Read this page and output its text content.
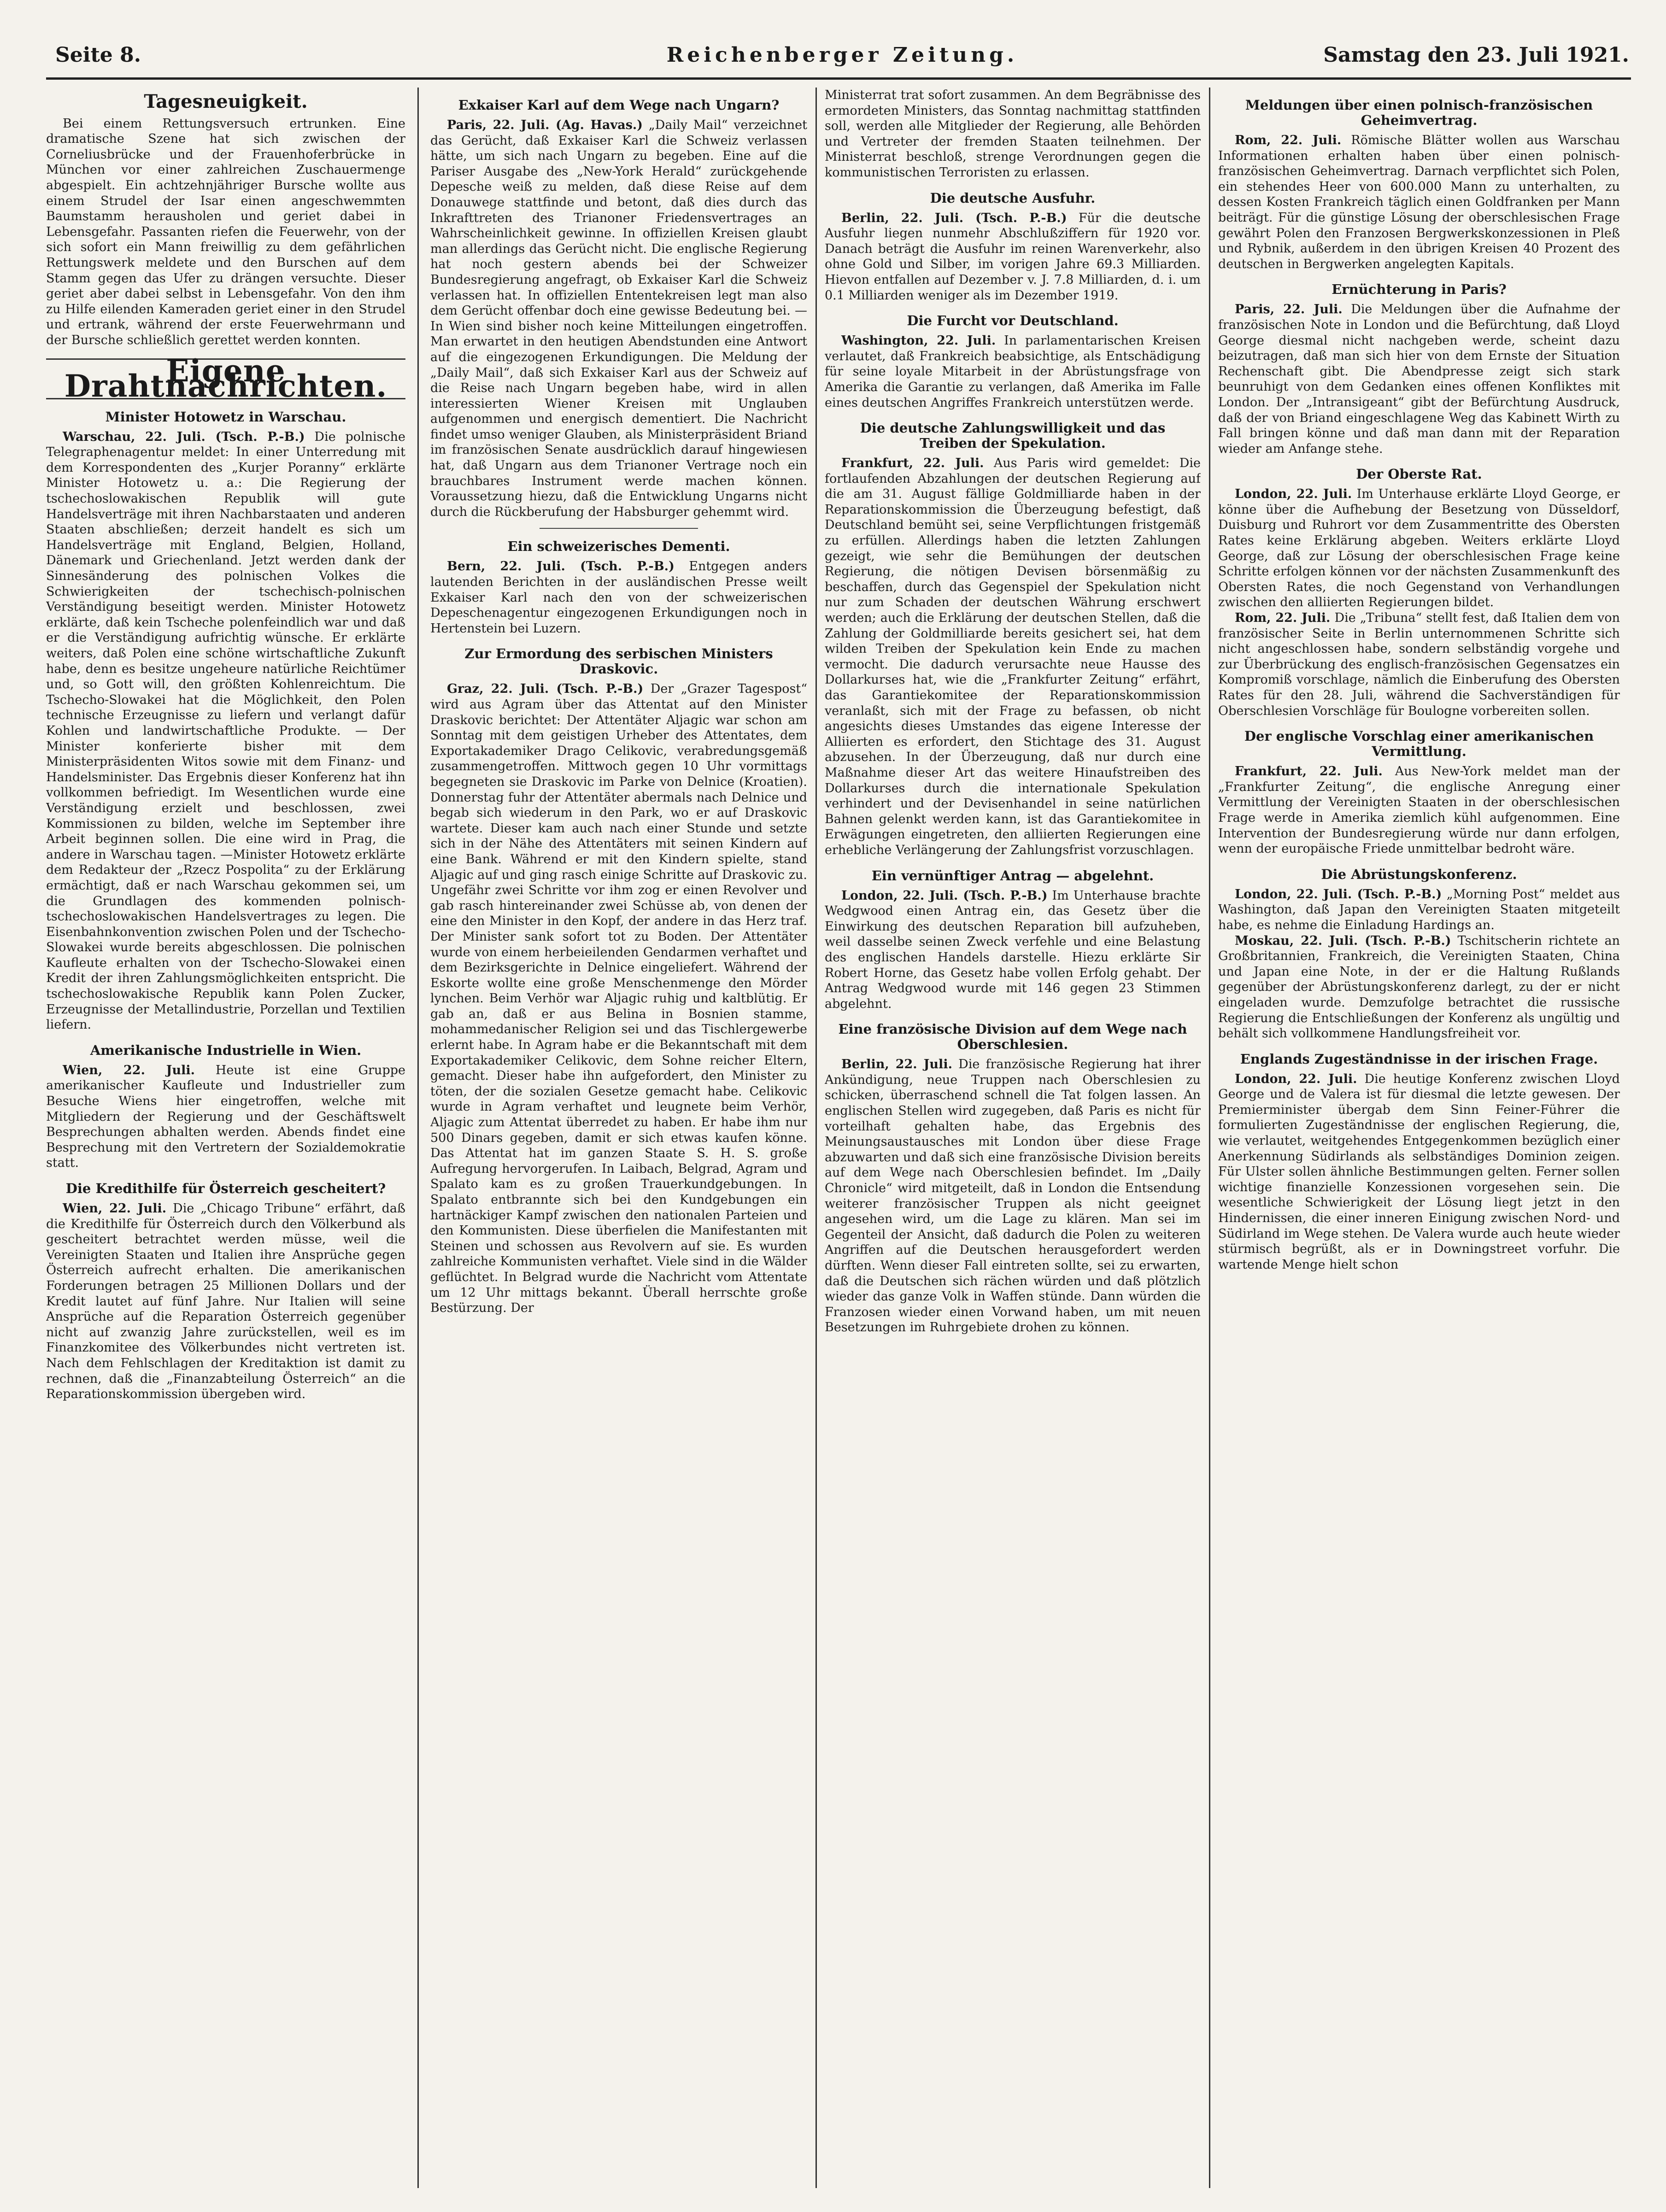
Seite 8.	Reichenberger Zeitung.	Samstag den 23. Juli 1921.
Tagesneuigkeit.

Bei einem Rettungsversuch ertrunken. Eine dramatische Szene hat sich zwischen der Corneliusbrücke und der Frauenhoferbrücke in München vor einer zahlreichen Zuschauermenge abgespielt. Ein achtzehnjähriger Bursche wollte aus einem Strudel der Isar einen angeschwemmten Baumstamm herausholen und geriet dabei in Lebensgefahr. Passanten riefen die Feuerwehr, von der sich sofort ein Mann freiwillig zu dem gefährlichen Rettungswerk meldete und den Burschen auf dem Stamm gegen das Ufer zu drängen versuchte. Dieser geriet aber dabei selbst in Lebensgefahr. Von den ihm zu Hilfe eilenden Kameraden geriet einer in den Strudel und ertrank, während der erste Feuerwehrmann und der Bursche schließlich gerettet werden konnten.

Eigene Drahtnachrichten.
Minister Hotowetz in Warschau.

Warschau, 22. Juli. (Tsch. P.-B.) Die polnische Telegraphenagentur meldet: In einer Unterredung mit dem Korrespondenten des „Kurjer Poranny“ erklärte Minister Hotowetz u. a.: Die Regierung der tschechoslowakischen Republik will gute Handelsverträge mit ihren Nachbarstaaten und anderen Staaten abschließen; derzeit handelt es sich um Handelsverträge mit England, Belgien, Holland, Dänemark und Griechenland. Jetzt werden dank der Sinnesänderung des polnischen Volkes die Schwierigkeiten der tschechisch-polnischen Verständigung beseitigt werden. Minister Hotowetz erklärte, daß kein Tscheche polenfeindlich war und daß er die Verständigung aufrichtig wünsche. Er erklärte weiters, daß Polen eine schöne wirtschaftliche Zukunft habe, denn es besitze ungeheure natürliche Reichtümer und, so Gott will, den größten Kohlenreichtum. Die Tschecho-Slowakei hat die Möglichkeit, den Polen technische Erzeugnisse zu liefern und verlangt dafür Kohlen und landwirtschaftliche Produkte. — Der Minister konferierte bisher mit dem Ministerpräsidenten Witos sowie mit dem Finanz- und Handelsminister. Das Ergebnis dieser Konferenz hat ihn vollkommen befriedigt. Im Wesentlichen wurde eine Verständigung erzielt und beschlossen, zwei Kommissionen zu bilden, welche im September ihre Arbeit beginnen sollen. Die eine wird in Prag, die andere in Warschau tagen. —Minister Hotowetz erklärte dem Redakteur der „Rzecz Pospolita“ zu der Erklärung ermächtigt, daß er nach Warschau gekommen sei, um die Grundlagen des kommenden polnisch-tschechoslowakischen Handelsvertrages zu legen. Die Eisenbahnkonvention zwischen Polen und der Tschecho-Slowakei wurde bereits abgeschlossen. Die polnischen Kaufleute erhalten von der Tschecho-Slowakei einen Kredit der ihren Zahlungsmöglichkeiten entspricht. Die tschechoslowakische Republik kann Polen Zucker, Erzeugnisse der Metallindustrie, Porzellan und Textilien liefern.

Amerikanische Industrielle in Wien.

Wien, 22. Juli. Heute ist eine Gruppe amerikanischer Kaufleute und Industrieller zum Besuche Wiens hier eingetroffen, welche mit Mitgliedern der Regierung und der Geschäftswelt Besprechungen abhalten werden. Abends findet eine Besprechung mit den Vertretern der Sozialdemokratie statt.

Die Kredithilfe für Österreich gescheitert?

Wien, 22. Juli. Die „Chicago Tribune“ erfährt, daß die Kredithilfe für Österreich durch den Völkerbund als gescheitert betrachtet werden müsse, weil die Vereinigten Staaten und Italien ihre Ansprüche gegen Österreich aufrecht erhalten. Die amerikanischen Forderungen betragen 25 Millionen Dollars und der Kredit lautet auf fünf Jahre. Nur Italien will seine Ansprüche auf die Reparation Österreich gegenüber nicht auf zwanzig Jahre zurückstellen, weil es im Finanzkomitee des Völkerbundes nicht vertreten ist. Nach dem Fehlschlagen der Kreditaktion ist damit zu rechnen, daß die „Finanzabteilung Österreich“ an die Reparationskommission übergeben wird.

Exkaiser Karl auf dem Wege nach Ungarn?

Paris, 22. Juli. (Ag. Havas.) „Daily Mail“ verzeichnet das Gerücht, daß Exkaiser Karl die Schweiz verlassen hätte, um sich nach Ungarn zu begeben. Eine auf die Pariser Ausgabe des „New-York Herald“ zurückgehende Depesche weiß zu melden, daß diese Reise auf dem Donauwege stattfinde und betont, daß dies durch das Inkrafttreten des Trianoner Friedensvertrages an Wahrscheinlichkeit gewinne. In offiziellen Kreisen glaubt man allerdings das Gerücht nicht. Die englische Regierung hat noch gestern abends bei der Schweizer Bundesregierung angefragt, ob Exkaiser Karl die Schweiz verlassen hat. In offiziellen Ententekreisen legt man also dem Gerücht offenbar doch eine gewisse Bedeutung bei. — In Wien sind bisher noch keine Mitteilungen eingetroffen. Man erwartet in den heutigen Abendstunden eine Antwort auf die eingezogenen Erkundigungen. Die Meldung der „Daily Mail“, daß sich Exkaiser Karl aus der Schweiz auf die Reise nach Ungarn begeben habe, wird in allen interessierten Wiener Kreisen mit Unglauben aufgenommen und energisch dementiert. Die Nachricht findet umso weniger Glauben, als Ministerpräsident Briand im französischen Senate ausdrücklich darauf hingewiesen hat, daß Ungarn aus dem Trianoner Vertrage noch ein brauchbares Instrument werde machen können. Voraussetzung hiezu, daß die Entwicklung Ungarns nicht durch die Rückberufung der Habsburger gehemmt wird.

Ein schweizerisches Dementi.

Bern, 22. Juli. (Tsch. P.-B.) Entgegen anders lautenden Berichten in der ausländischen Presse weilt Exkaiser Karl nach den von der schweizerischen Depeschenagentur eingezogenen Erkundigungen noch in Hertenstein bei Luzern.

Zur Ermordung des serbischen Ministers Draskovic.

Graz, 22. Juli. (Tsch. P.-B.) Der „Grazer Tagespost“ wird aus Agram über das Attentat auf den Minister Draskovic berichtet: Der Attentäter Aljagic war schon am Sonntag mit dem geistigen Urheber des Attentates, dem Exportakademiker Drago Celikovic, verabredungsgemäß zusammengetroffen. Mittwoch gegen 10 Uhr vormittags begegneten sie Draskovic im Parke von Delnice (Kroatien). Donnerstag fuhr der Attentäter abermals nach Delnice und begab sich wiederum in den Park, wo er auf Draskovic wartete. Dieser kam auch nach einer Stunde und setzte sich in der Nähe des Attentäters mit seinen Kindern auf eine Bank. Während er mit den Kindern spielte, stand Aljagic auf und ging rasch einige Schritte auf Draskovic zu. Ungefähr zwei Schritte vor ihm zog er einen Revolver und gab rasch hintereinander zwei Schüsse ab, von denen der eine den Minister in den Kopf, der andere in das Herz traf. Der Minister sank sofort tot zu Boden. Der Attentäter wurde von einem herbeieilenden Gendarmen verhaftet und dem Bezirksgerichte in Delnice eingeliefert. Während der Eskorte wollte eine große Menschenmenge den Mörder lynchen. Beim Verhör war Aljagic ruhig und kaltblütig. Er gab an, daß er aus Belina in Bosnien stamme, mohammedanischer Religion sei und das Tischlergewerbe erlernt habe. In Agram habe er die Bekanntschaft mit dem Exportakademiker Celikovic, dem Sohne reicher Eltern, gemacht. Dieser habe ihn aufgefordert, den Minister zu töten, der die sozialen Gesetze gemacht habe. Celikovic wurde in Agram verhaftet und leugnete beim Verhör, Aljagic zum Attentat überredet zu haben. Er habe ihm nur 500 Dinars gegeben, damit er sich etwas kaufen könne. Das Attentat hat im ganzen Staate S. H. S. große Aufregung hervorgerufen. In Laibach, Belgrad, Agram und Spalato kam es zu großen Trauerkundgebungen. In Spalato entbrannte sich bei den Kundgebungen ein hartnäckiger Kampf zwischen den nationalen Parteien und den Kommunisten. Diese überfielen die Manifestanten mit Steinen und schossen aus Revolvern auf sie. Es wurden zahlreiche Kommunisten verhaftet. Viele sind in die Wälder geflüchtet. In Belgrad wurde die Nachricht vom Attentate um 12 Uhr mittags bekannt. Überall herrschte große Bestürzung. Der

Ministerrat trat sofort zusammen. An dem Begräbnisse des ermordeten Ministers, das Sonntag nachmittag stattfinden soll, werden alle Mitglieder der Regierung, alle Behörden und Vertreter der fremden Staaten teilnehmen. Der Ministerrat beschloß, strenge Verordnungen gegen die kommunistischen Terroristen zu erlassen.

Die deutsche Ausfuhr.

Berlin, 22. Juli. (Tsch. P.-B.) Für die deutsche Ausfuhr liegen nunmehr Abschlußziffern für 1920 vor. Danach beträgt die Ausfuhr im reinen Warenverkehr, also ohne Gold und Silber, im vorigen Jahre 69.3 Milliarden. Hievon entfallen auf Dezember v. J. 7.8 Milliarden, d. i. um 0.1 Milliarden weniger als im Dezember 1919.

Die Furcht vor Deutschland.

Washington, 22. Juli. In parlamentarischen Kreisen verlautet, daß Frankreich beabsichtige, als Entschädigung für seine loyale Mitarbeit in der Abrüstungsfrage von Amerika die Garantie zu verlangen, daß Amerika im Falle eines deutschen Angriffes Frankreich unterstützen werde.

Die deutsche Zahlungswilligkeit und das Treiben der Spekulation.

Frankfurt, 22. Juli. Aus Paris wird gemeldet: Die fortlaufenden Abzahlungen der deutschen Regierung auf die am 31. August fällige Goldmilliarde haben in der Reparationskommission die Überzeugung befestigt, daß Deutschland bemüht sei, seine Verpflichtungen fristgemäß zu erfüllen. Allerdings haben die letzten Zahlungen gezeigt, wie sehr die Bemühungen der deutschen Regierung, die nötigen Devisen börsenmäßig zu beschaffen, durch das Gegenspiel der Spekulation nicht nur zum Schaden der deutschen Währung erschwert werden; auch die Erklärung der deutschen Stellen, daß die Zahlung der Goldmilliarde bereits gesichert sei, hat dem wilden Treiben der Spekulation kein Ende zu machen vermocht. Die dadurch verursachte neue Hausse des Dollarkurses hat, wie die „Frankfurter Zeitung“ erfährt, das Garantiekomitee der Reparationskommission veranlaßt, sich mit der Frage zu befassen, ob nicht angesichts dieses Umstandes das eigene Interesse der Alliierten es erfordert, den Stichtage des 31. August abzusehen. In der Überzeugung, daß nur durch eine Maßnahme dieser Art das weitere Hinaufstreiben des Dollarkurses durch die internationale Spekulation verhindert und der Devisenhandel in seine natürlichen Bahnen gelenkt werden kann, ist das Garantiekomitee in Erwägungen eingetreten, den alliierten Regierungen eine erhebliche Verlängerung der Zahlungsfrist vorzuschlagen.

Ein vernünftiger Antrag — abgelehnt.

London, 22. Juli. (Tsch. P.-B.) Im Unterhause brachte Wedgwood einen Antrag ein, das Gesetz über die Einwirkung des deutschen Reparation bill aufzuheben, weil dasselbe seinen Zweck verfehle und eine Belastung des englischen Handels darstelle. Hiezu erklärte Sir Robert Horne, das Gesetz habe vollen Erfolg gehabt. Der Antrag Wedgwood wurde mit 146 gegen 23 Stimmen abgelehnt.

Eine französische Division auf dem Wege nach Oberschlesien.

Berlin, 22. Juli. Die französische Regierung hat ihrer Ankündigung, neue Truppen nach Oberschlesien zu schicken, überraschend schnell die Tat folgen lassen. An englischen Stellen wird zugegeben, daß Paris es nicht für vorteilhaft gehalten habe, das Ergebnis des Meinungsaustausches mit London über diese Frage abzuwarten und daß sich eine französische Division bereits auf dem Wege nach Oberschlesien befindet. Im „Daily Chronicle“ wird mitgeteilt, daß in London die Entsendung weiterer französischer Truppen als nicht geeignet angesehen wird, um die Lage zu klären. Man sei im Gegenteil der Ansicht, daß dadurch die Polen zu weiteren Angriffen auf die Deutschen herausgefordert werden dürften. Wenn dieser Fall eintreten sollte, sei zu erwarten, daß die Deutschen sich rächen würden und daß plötzlich wieder das ganze Volk in Waffen stünde. Dann würden die Franzosen wieder einen Vorwand haben, um mit neuen Besetzungen im Ruhrgebiete drohen zu können.

Meldungen über einen polnisch-französischen Geheimvertrag.

Rom, 22. Juli. Römische Blätter wollen aus Warschau Informationen erhalten haben über einen polnisch-französischen Geheimvertrag. Darnach verpflichtet sich Polen, ein stehendes Heer von 600.000 Mann zu unterhalten, zu dessen Kosten Frankreich täglich einen Goldfranken per Mann beiträgt. Für die günstige Lösung der oberschlesischen Frage gewährt Polen den Franzosen Bergwerkskonzessionen in Pleß und Rybnik, außerdem in den übrigen Kreisen 40 Prozent des deutschen in Bergwerken angelegten Kapitals.

Ernüchterung in Paris?

Paris, 22. Juli. Die Meldungen über die Aufnahme der französischen Note in London und die Befürchtung, daß Lloyd George diesmal nicht nachgeben werde, scheint dazu beizutragen, daß man sich hier von dem Ernste der Situation Rechenschaft gibt. Die Abendpresse zeigt sich stark beunruhigt von dem Gedanken eines offenen Konfliktes mit London. Der „Intransigeant“ gibt der Befürchtung Ausdruck, daß der von Briand eingeschlagene Weg das Kabinett Wirth zu Fall bringen könne und daß man dann mit der Reparation wieder am Anfange stehe.

Der Oberste Rat.

London, 22. Juli. Im Unterhause erklärte Lloyd George, er könne über die Aufhebung der Besetzung von Düsseldorf, Duisburg und Ruhrort vor dem Zusammentritte des Obersten Rates keine Erklärung abgeben. Weiters erklärte Lloyd George, daß zur Lösung der oberschlesischen Frage keine Schritte erfolgen können vor der nächsten Zusammenkunft des Obersten Rates, die noch Gegenstand von Verhandlungen zwischen den alliierten Regierungen bildet.

Rom, 22. Juli. Die „Tribuna“ stellt fest, daß Italien dem von französischer Seite in Berlin unternommenen Schritte sich nicht angeschlossen habe, sondern selbständig vorgehe und zur Überbrückung des englisch-französischen Gegensatzes ein Kompromiß vorschlage, nämlich die Einberufung des Obersten Rates für den 28. Juli, während die Sachverständigen für Oberschlesien Vorschläge für Boulogne vorbereiten sollen.

Der englische Vorschlag einer amerikanischen Vermittlung.

Frankfurt, 22. Juli. Aus New-York meldet man der „Frankfurter Zeitung“, die englische Anregung einer Vermittlung der Vereinigten Staaten in der oberschlesischen Frage werde in Amerika ziemlich kühl aufgenommen. Eine Intervention der Bundesregierung würde nur dann erfolgen, wenn der europäische Friede unmittelbar bedroht wäre.

Die Abrüstungskonferenz.

London, 22. Juli. (Tsch. P.-B.) „Morning Post“ meldet aus Washington, daß Japan den Vereinigten Staaten mitgeteilt habe, es nehme die Einladung Hardings an.

Moskau, 22. Juli. (Tsch. P.-B.) Tschitscherin richtete an Großbritannien, Frankreich, die Vereinigten Staaten, China und Japan eine Note, in der er die Haltung Rußlands gegenüber der Abrüstungskonferenz darlegt, zu der er nicht eingeladen wurde. Demzufolge betrachtet die russische Regierung die Entschließungen der Konferenz als ungültig und behält sich vollkommene Handlungsfreiheit vor.

Englands Zugeständnisse in der irischen Frage.

London, 22. Juli. Die heutige Konferenz zwischen Lloyd George und de Valera ist für diesmal die letzte gewesen. Der Premierminister übergab dem Sinn Feiner-Führer die formulierten Zugeständnisse der englischen Regierung, die, wie verlautet, weitgehendes Entgegenkommen bezüglich einer Anerkennung Südirlands als selbständiges Dominion zeigen. Für Ulster sollen ähnliche Bestimmungen gelten. Ferner sollen wichtige finanzielle Konzessionen vorgesehen sein. Die wesentliche Schwierigkeit der Lösung liegt jetzt in den Hindernissen, die einer inneren Einigung zwischen Nord- und Südirland im Wege stehen. De Valera wurde auch heute wieder stürmisch begrüßt, als er in Downingstreet vorfuhr. Die wartende Menge hielt schon
